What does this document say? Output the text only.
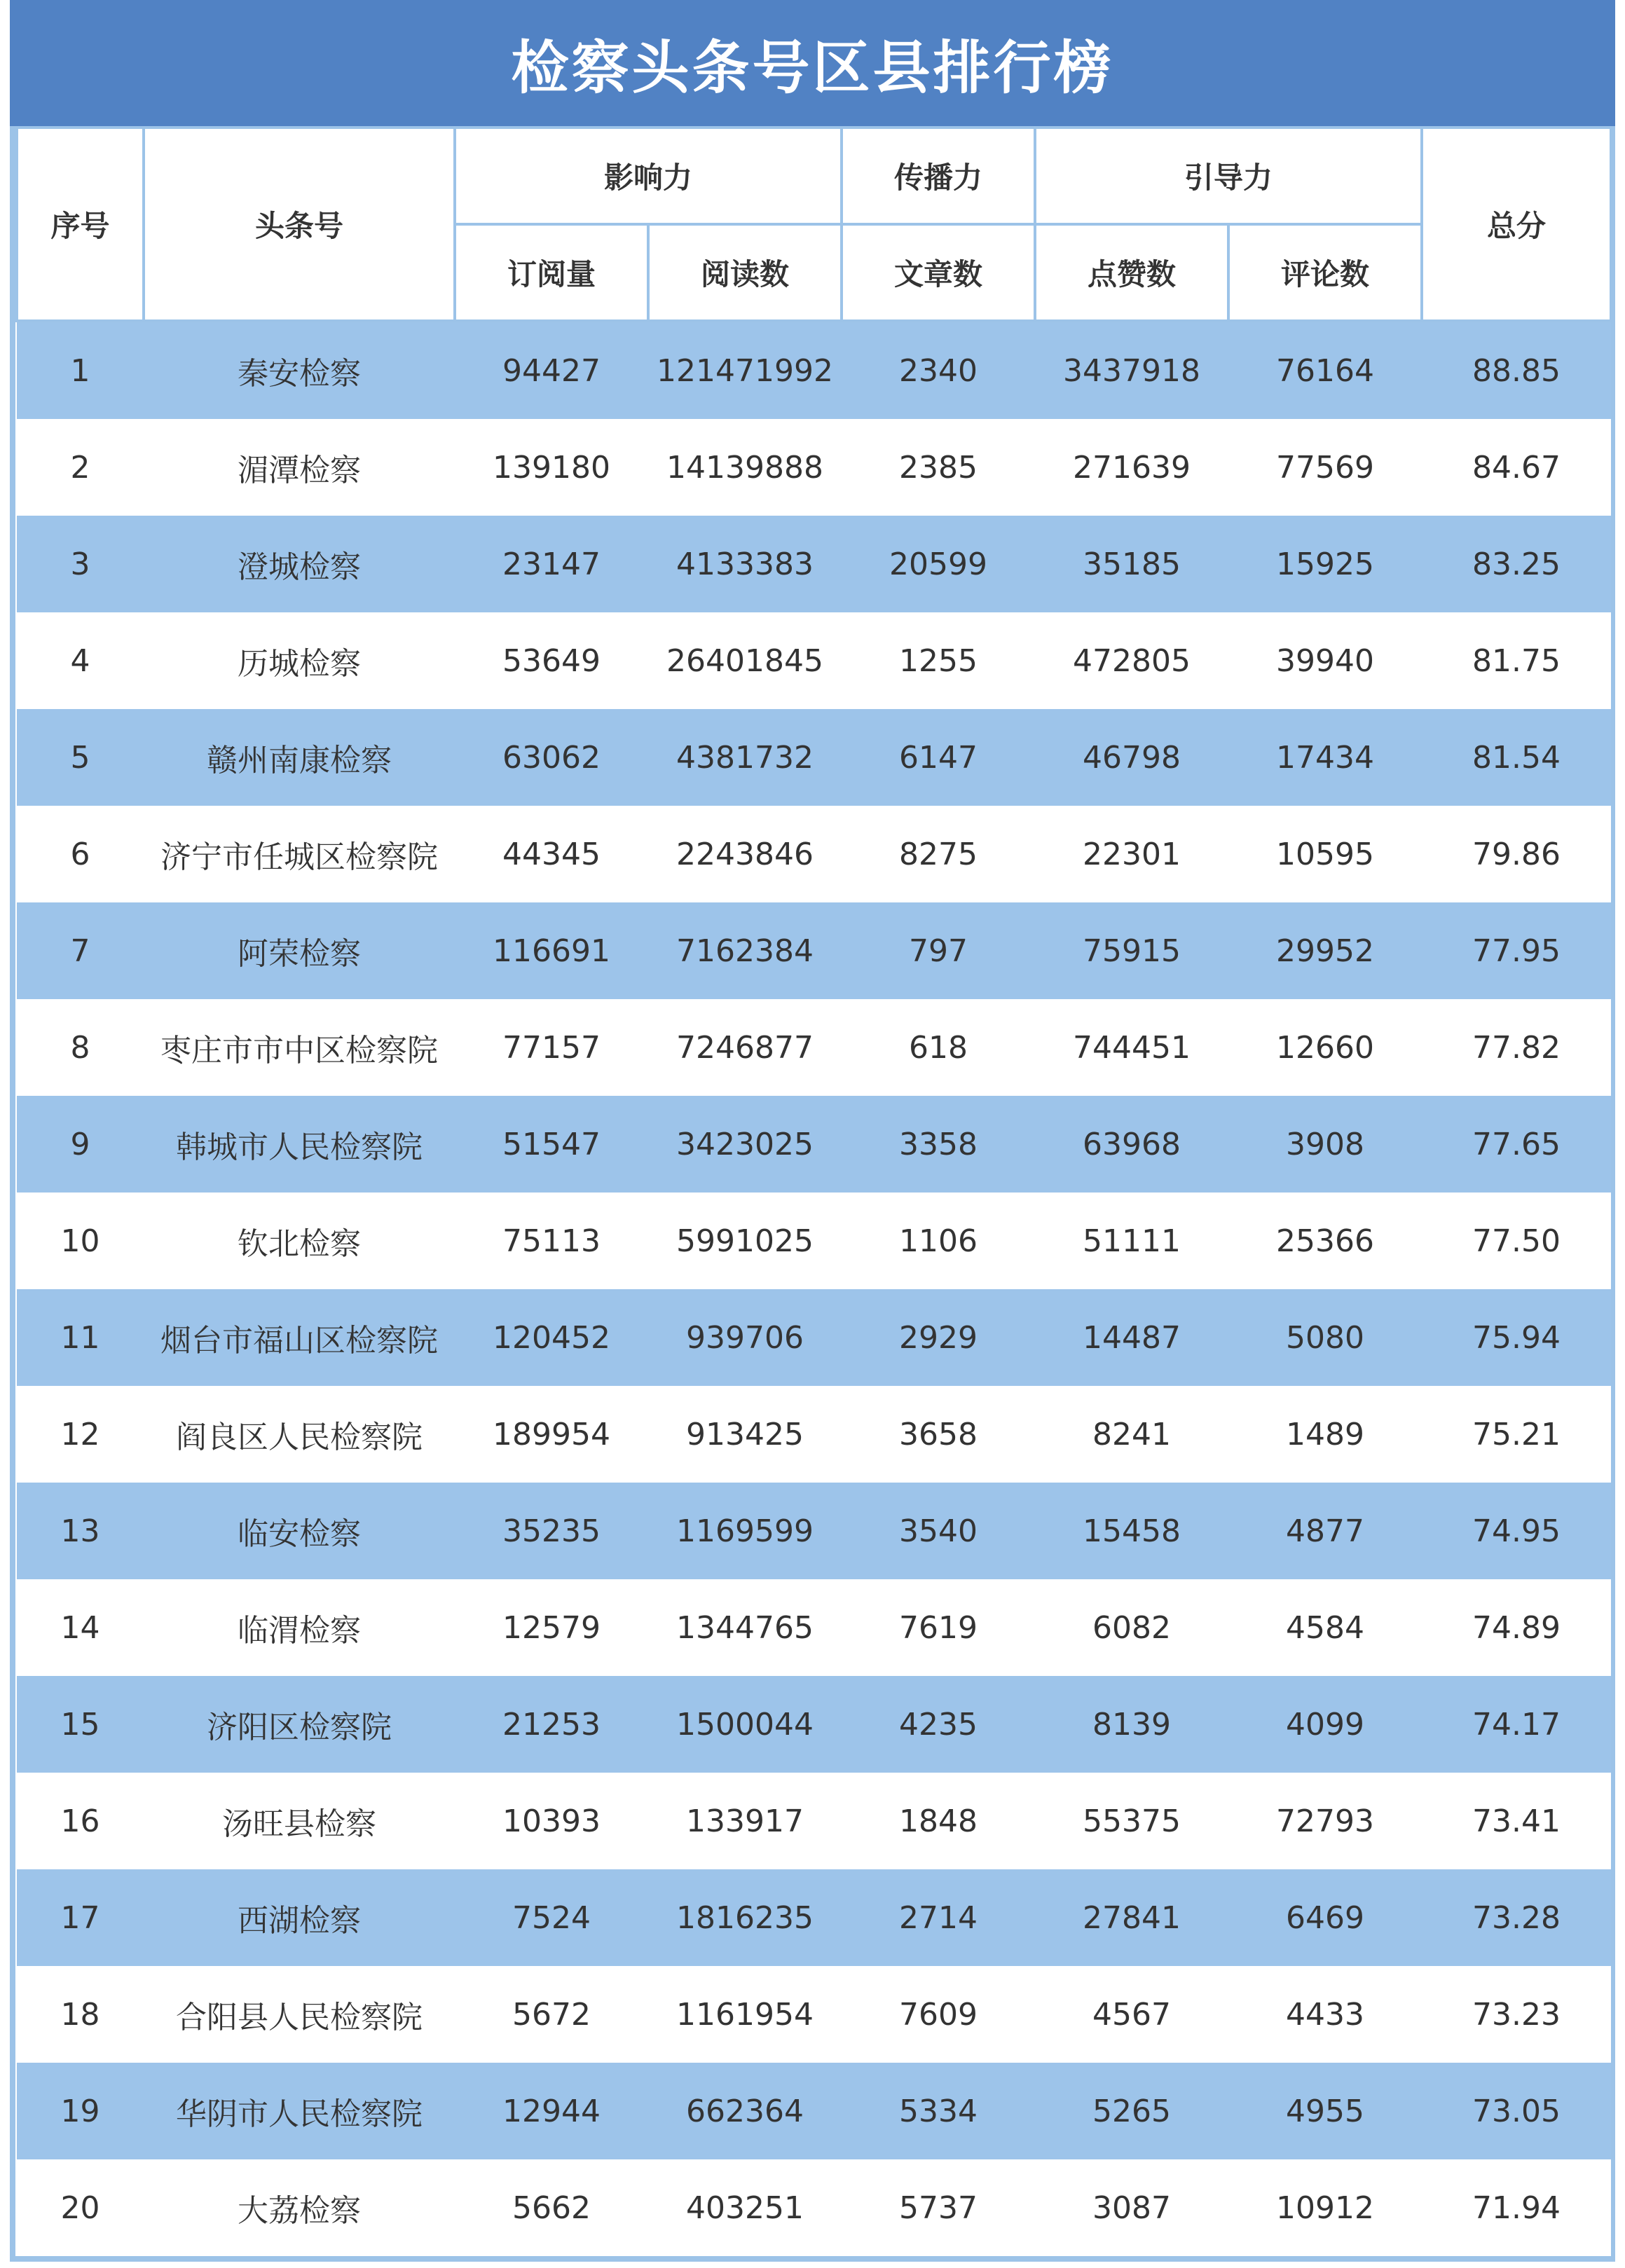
检察头条号区县排行榜
序号	头条号	影响力		传播力	引导力		总分
		订阅量	阅读数	文章数	点赞数	评论数	
1	秦安检察	94427	121471992	2340	3437918	76164	88.85
2	湄潭检察	139180	14139888	2385	271639	77569	84.67
3	澄城检察	23147	4133383	20599	35185	15925	83.25
4	历城检察	53649	26401845	1255	472805	39940	81.75
5	赣州南康检察	63062	4381732	6147	46798	17434	81.54
6	济宁市任城区检察院	44345	2243846	8275	22301	10595	79.86
7	阿荣检察	116691	7162384	797	75915	29952	77.95
8	枣庄市市中区检察院	77157	7246877	618	744451	12660	77.82
9	韩城市人民检察院	51547	3423025	3358	63968	3908	77.65
10	钦北检察	75113	5991025	1106	51111	25366	77.50
11	烟台市福山区检察院	120452	939706	2929	14487	5080	75.94
12	阎良区人民检察院	189954	913425	3658	8241	1489	75.21
13	临安检察	35235	1169599	3540	15458	4877	74.95
14	临渭检察	12579	1344765	7619	6082	4584	74.89
15	济阳区检察院	21253	1500044	4235	8139	4099	74.17
16	汤旺县检察	10393	133917	1848	55375	72793	73.41
17	西湖检察	7524	1816235	2714	27841	6469	73.28
18	合阳县人民检察院	5672	1161954	7609	4567	4433	73.23
19	华阴市人民检察院	12944	662364	5334	5265	4955	73.05
20	大荔检察	5662	403251	5737	3087	10912	71.94
